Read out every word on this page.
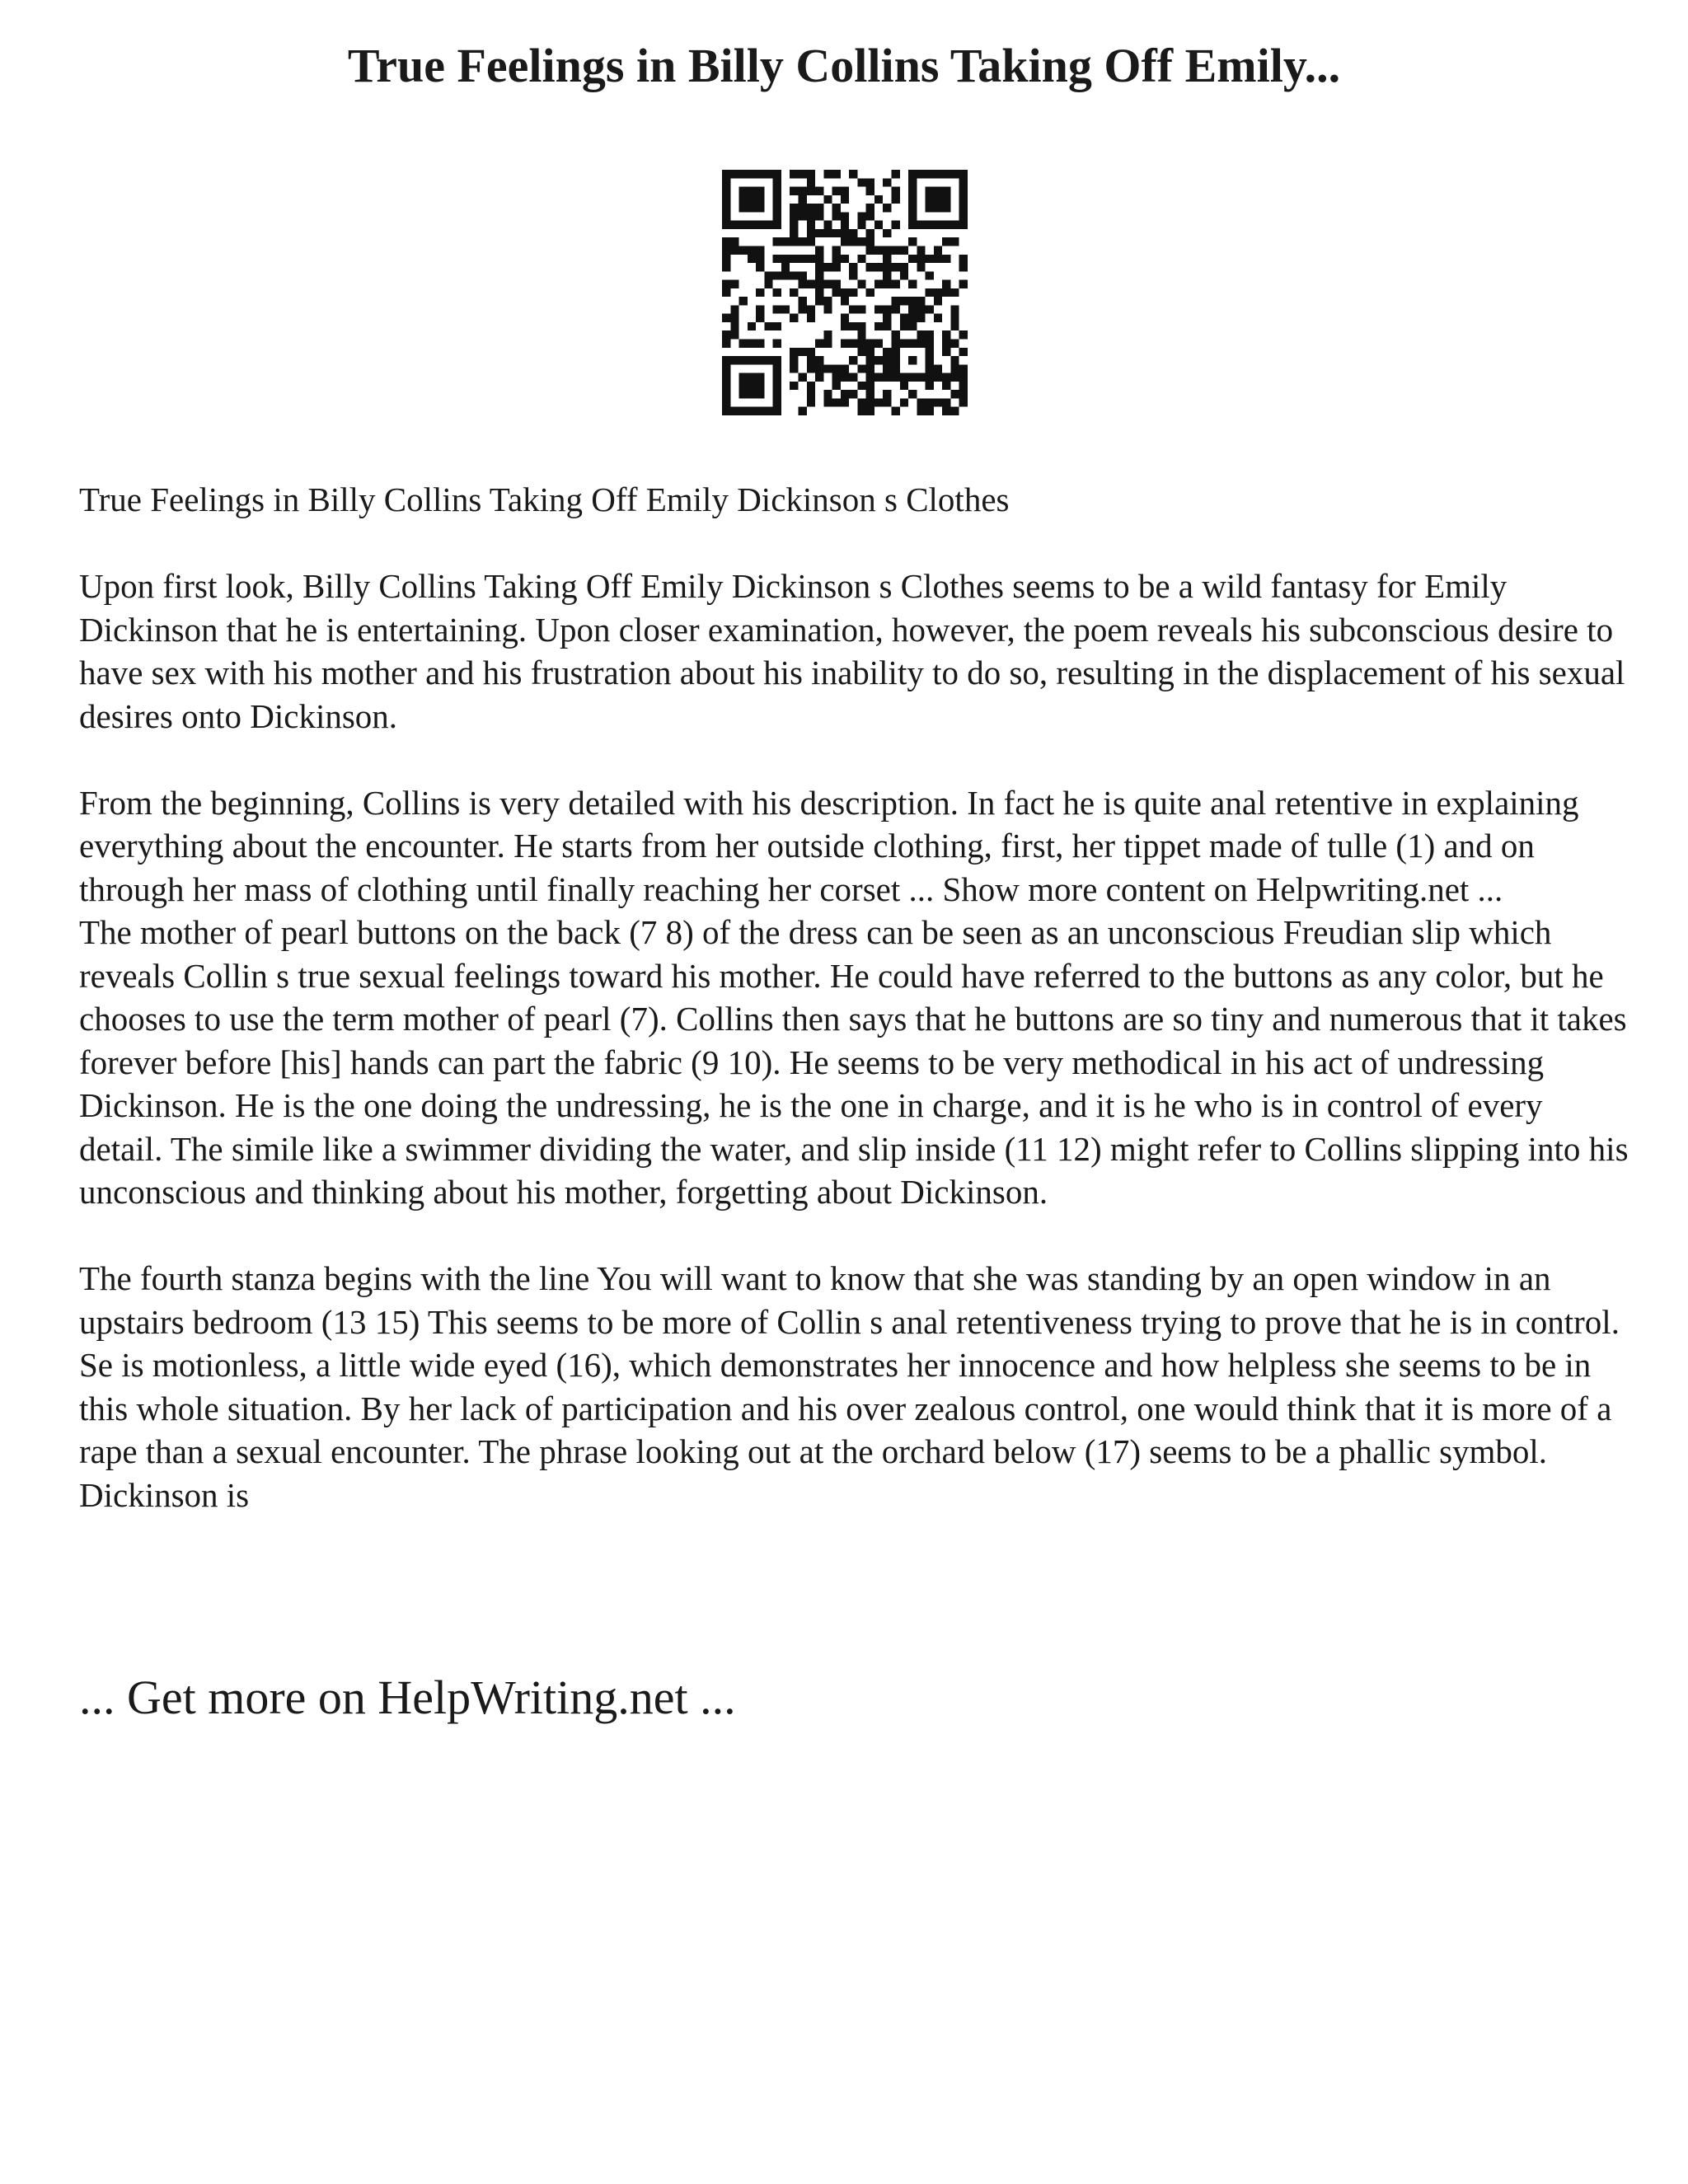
True Feelings in Billy Collins Taking Off Emily...

True Feelings in Billy Collins Taking Off Emily Dickinson s Clothes

Upon first look, Billy Collins Taking Off Emily Dickinson s Clothes seems to be a wild fantasy for Emily Dickinson that he is entertaining. Upon closer examination, however, the poem reveals his subconscious desire to have sex with his mother and his frustration about his inability to do so, resulting in the displacement of his sexual desires onto Dickinson.

From the beginning, Collins is very detailed with his description. In fact he is quite anal retentive in explaining everything about the encounter. He starts from her outside clothing, first, her tippet made of tulle (1) and on through her mass of clothing until finally reaching her corset ... Show more content on Helpwriting.net ...

The mother of pearl buttons on the back (7 8) of the dress can be seen as an unconscious Freudian slip which reveals Collin s true sexual feelings toward his mother. He could have referred to the buttons as any color, but he chooses to use the term mother of pearl (7). Collins then says that he buttons are so tiny and numerous that it takes forever before [his] hands can part the fabric (9 10). He seems to be very methodical in his act of undressing Dickinson. He is the one doing the undressing, he is the one in charge, and it is he who is in control of every detail. The simile like a swimmer dividing the water, and slip inside (11 12) might refer to Collins slipping into his unconscious and thinking about his mother, forgetting about Dickinson.

The fourth stanza begins with the line You will want to know that she was standing by an open window in an upstairs bedroom (13 15) This seems to be more of Collin s anal retentiveness trying to prove that he is in control. Se is motionless, a little wide eyed (16), which demonstrates her innocence and how helpless she seems to be in this whole situation. By her lack of participation and his over zealous control, one would think that it is more of a rape than a sexual encounter. The phrase looking out at the orchard below (17) seems to be a phallic symbol. Dickinson is

... Get more on HelpWriting.net ...
